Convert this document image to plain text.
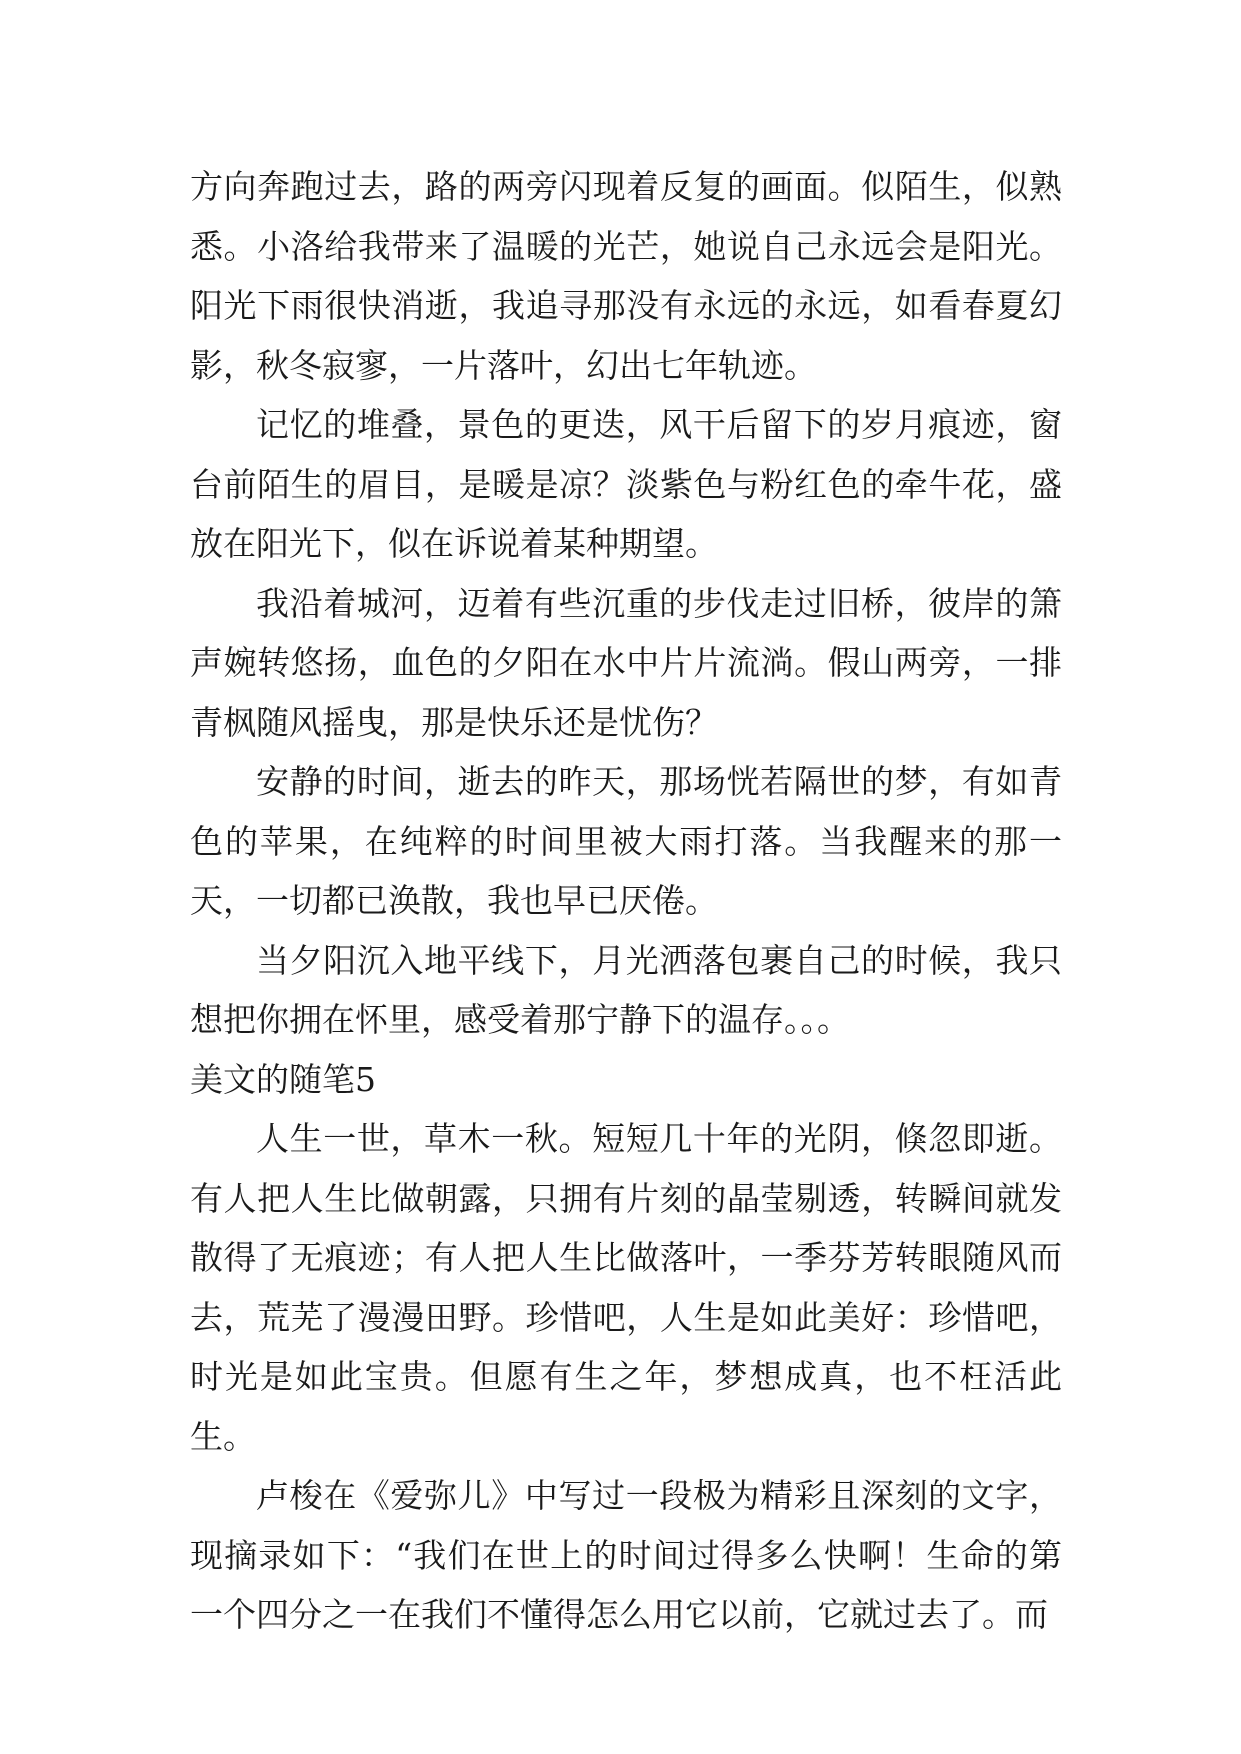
方向奔跑过去，路的两旁闪现着反复的画面。似陌生，似熟悉。小洛给我带来了温暖的光芒，她说自己永远会是阳光。阳光下雨很快消逝，我追寻那没有永远的永远，如看春夏幻影，秋冬寂寥，一片落叶，幻出七年轨迹。

记忆的堆叠，景色的更迭，风干后留下的岁月痕迹，窗台前陌生的眉目，是暖是凉？淡紫色与粉红色的牵牛花，盛放在阳光下，似在诉说着某种期望。

我沿着城河，迈着有些沉重的步伐走过旧桥，彼岸的箫声婉转悠扬，血色的夕阳在水中片片流淌。假山两旁，一排青枫随风摇曳，那是快乐还是忧伤？

安静的时间，逝去的昨天，那场恍若隔世的梦，有如青色的苹果，在纯粹的时间里被大雨打落。当我醒来的那一天，一切都已涣散，我也早已厌倦。

当夕阳沉入地平线下，月光洒落包裹自己的时候，我只想把你拥在怀里，感受着那宁静下的温存。。。

美文的随笔5

人生一世，草木一秋。短短几十年的光阴，倏忽即逝。有人把人生比做朝露，只拥有片刻的晶莹剔透，转瞬间就发散得了无痕迹；有人把人生比做落叶，一季芬芳转眼随风而去，荒芜了漫漫田野。珍惜吧，人生是如此美好：珍惜吧，时光是如此宝贵。但愿有生之年，梦想成真，也不枉活此生。

卢梭在《爱弥儿》中写过一段极为精彩且深刻的文字，现摘录如下：“我们在世上的时间过得多么快啊！生命的第一个四分之一在我们不懂得怎么用它以前，它就过去了。而
